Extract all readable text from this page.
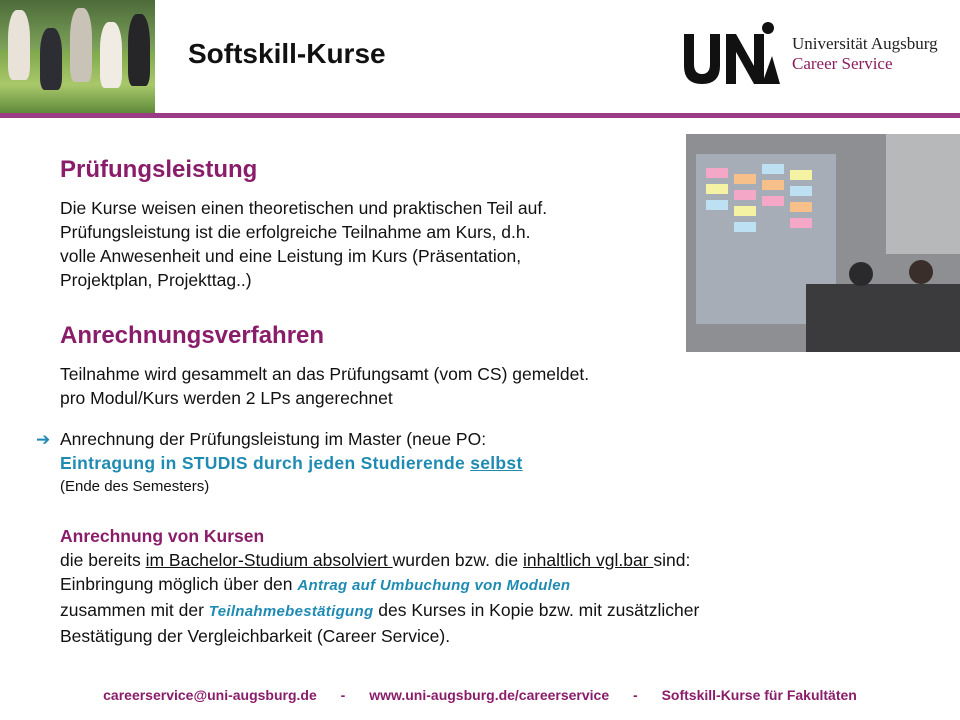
Softskill-Kurse	Universität Augsburg
Career Service
Prüfungsleistung
Die Kurse weisen einen theoretischen und praktischen Teil auf.
Prüfungsleistung ist die erfolgreiche Teilnahme am Kurs, d.h.
volle Anwesenheit und eine Leistung im Kurs (Präsentation,
Projektplan, Projekttag..)
Anrechnungsverfahren
Teilnahme wird gesammelt an das Prüfungsamt (vom CS) gemeldet.
pro Modul/Kurs werden 2 LPs angerechnet
➔ Anrechnung der Prüfungsleistung im Master (neue PO:
Eintragung in STUDIS durch jeden Studierende selbst
(Ende des Semesters)
Anrechnung von Kursen
die bereits im Bachelor-Studium absolviert wurden bzw. die inhaltlich vgl.bar sind:
Einbringung möglich über den Antrag auf Umbuchung von Modulen
zusammen mit der Teilnahmebestätigung des Kurses in Kopie bzw. mit zusätzlicher
Bestätigung der Vergleichbarkeit (Career Service).
careerservice@uni-augsburg.de - www.uni-augsburg.de/careerservice - Softskill-Kurse für Fakultäten
